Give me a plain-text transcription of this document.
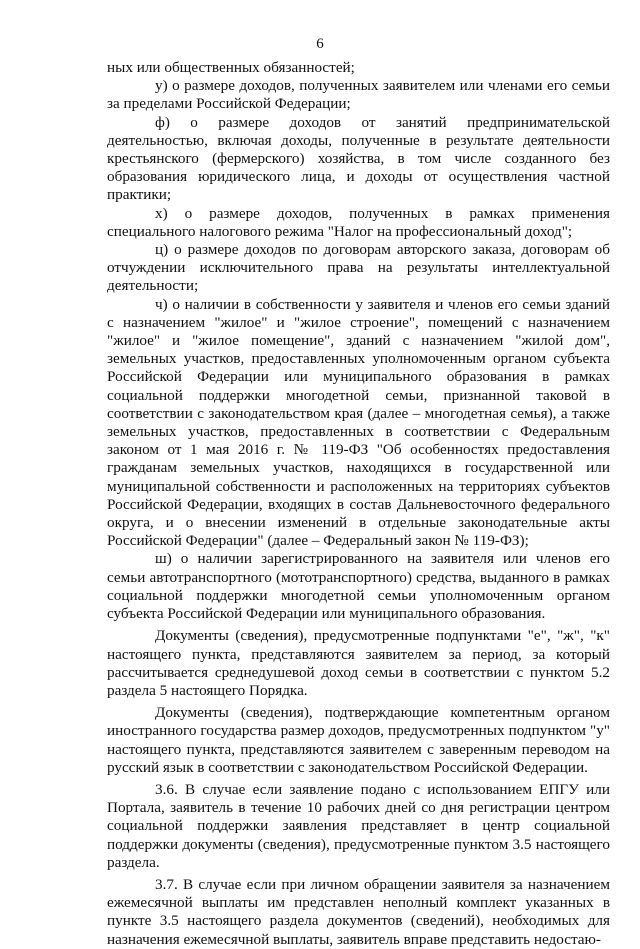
6

ных или общественных обязанностей;

у) о размере доходов, полученных заявителем или членами его семьи за пределами Российской Федерации;

ф) о размере доходов от занятий предпринимательской деятельностью, включая доходы, полученные в результате деятельности крестьянского (фермерского) хозяйства, в том числе созданного без образования юридического лица, и доходы от осуществления частной практики;

х) о размере доходов, полученных в рамках применения специального налогового режима "Налог на профессиональный доход";

ц) о размере доходов по договорам авторского заказа, договорам об отчуждении исключительного права на результаты интеллектуальной деятельности;

ч) о наличии в собственности у заявителя и членов его семьи зданий с назначением "жилое" и "жилое строение", помещений с назначением "жилое" и "жилое помещение", зданий с назначением "жилой дом", земельных участков, предоставленных уполномоченным органом субъекта Российской Федерации или муниципального образования в рамках социальной поддержки многодетной семьи, признанной таковой в соответствии с законодательством края (далее – многодетная семья), а также земельных участков, предоставленных в соответствии с Федеральным законом от 1 мая 2016 г. № 119-ФЗ "Об особенностях предоставления гражданам земельных участков, находящихся в государственной или муниципальной собственности и расположенных на территориях субъектов Российской Федерации, входящих в состав Дальневосточного федерального округа, и о внесении изменений в отдельные законодательные акты Российской Федерации" (далее – Федеральный закон № 119-ФЗ);

ш) о наличии зарегистрированного на заявителя или членов его семьи автотранспортного (мототранспортного) средства, выданного в рамках социальной поддержки многодетной семьи уполномоченным органом субъекта Российской Федерации или муниципального образования.

Документы (сведения), предусмотренные подпунктами "е", "ж", "к" настоящего пункта, представляются заявителем за период, за который рассчитывается среднедушевой доход семьи в соответствии с пунктом 5.2 раздела 5 настоящего Порядка.

Документы (сведения), подтверждающие компетентным органом иностранного государства размер доходов, предусмотренных подпунктом "у" настоящего пункта, представляются заявителем с заверенным переводом на русский язык в соответствии с законодательством Российской Федерации.

3.6. В случае если заявление подано с использованием ЕПГУ или Портала, заявитель в течение 10 рабочих дней со дня регистрации центром социальной поддержки заявления представляет в центр социальной поддержки документы (сведения), предусмотренные пунктом 3.5 настоящего раздела.

3.7. В случае если при личном обращении заявителя за назначением ежемесячной выплаты им представлен неполный комплект указанных в пункте 3.5 настоящего раздела документов (сведений), необходимых для назначения ежемесячной выплаты, заявитель вправе представить недостаю-
